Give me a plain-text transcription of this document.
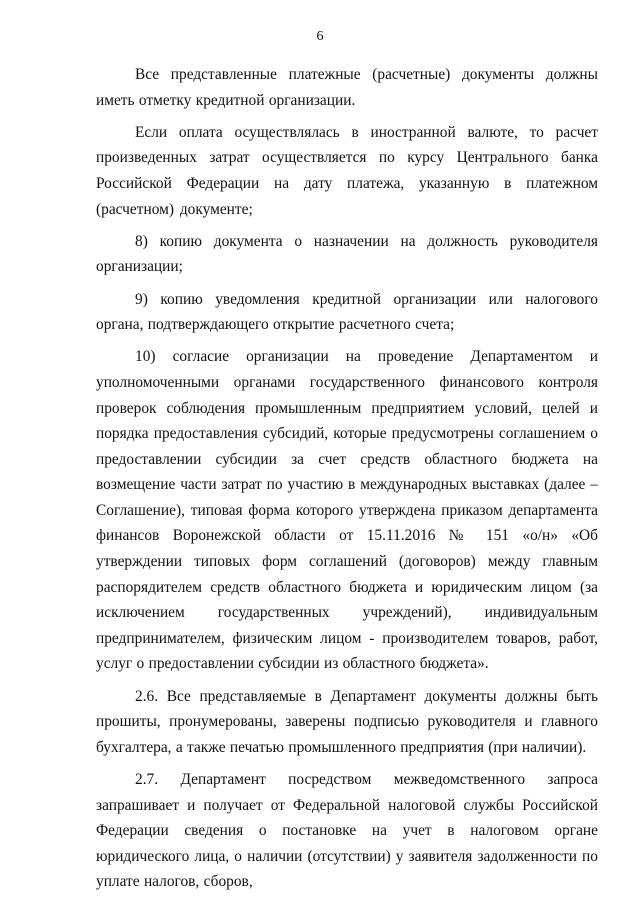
6

Все представленные платежные (расчетные) документы должны иметь отметку кредитной организации.

Если оплата осуществлялась в иностранной валюте, то расчет произведенных затрат осуществляется по курсу Центрального банка Российской Федерации на дату платежа, указанную в платежном (расчетном) документе;

8) копию документа о назначении на должность руководителя организации;

9) копию уведомления кредитной организации или налогового органа, подтверждающего открытие расчетного счета;

10) согласие организации на проведение Департаментом и уполномоченными органами государственного финансового контроля проверок соблюдения промышленным предприятием условий, целей и порядка предоставления субсидий, которые предусмотрены соглашением о предоставлении субсидии за счет средств областного бюджета на возмещение части затрат по участию в международных выставках (далее – Соглашение), типовая форма которого утверждена приказом департамента финансов Воронежской области от 15.11.2016 № 151 «о/н» «Об утверждении типовых форм соглашений (договоров) между главным распорядителем средств областного бюджета и юридическим лицом (за исключением государственных учреждений), индивидуальным предпринимателем, физическим лицом - производителем товаров, работ, услуг о предоставлении субсидии из областного бюджета».

2.6. Все представляемые в Департамент документы должны быть прошиты, пронумерованы, заверены подписью руководителя и главного бухгалтера, а также печатью промышленного предприятия (при наличии).

2.7. Департамент посредством межведомственного запроса запрашивает и получает от Федеральной налоговой службы Российской Федерации сведения о постановке на учет в налоговом органе юридического лица, о наличии (отсутствии) у заявителя задолженности по уплате налогов, сборов,
